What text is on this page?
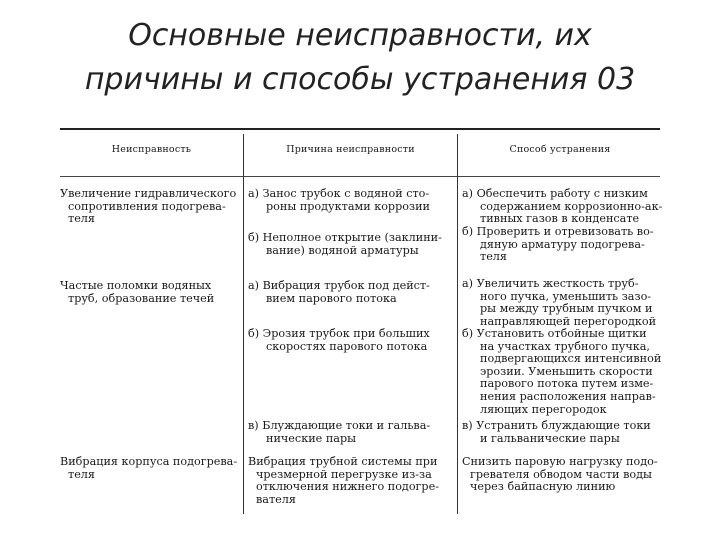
Основные неисправности, их
причины и способы устранения 03
Неисправность	Причина неисправности	Способ устранения
Увеличение гидравлического
сопротивления подогрева-
теля
а) Занос трубок с водяной сто-
роны продуктами коррозии
б) Неполное открытие (заклини-
вание) водяной арматуры
а) Обеспечить работу с низким
содержанием коррозионно-ак-
тивных газов в конденсате
б) Проверить и отревизовать во-
дяную арматуру подогрева-
теля
Частые поломки водяных
труб, образование течей
а) Вибрация трубок под дейст-
вием парового потока
б) Эрозия трубок при больших
скоростях парового потока
в) Блуждающие токи и гальва-
нические пары
а) Увеличить жесткость труб-
ного пучка, уменьшить зазо-
ры между трубным пучком и
направляющей перегородкой
б) Установить отбойные щитки
на участках трубного пучка,
подвергающихся интенсивной
эрозии. Уменьшить скорости
парового потока путем изме-
нения расположения направ-
ляющих перегородок
в) Устранить блуждающие токи
и гальванические пары
Вибрация корпуса подогрева-
теля
Вибрация трубной системы при
чрезмерной перегрузке из-за
отключения нижнего подогре-
вателя
Снизить паровую нагрузку подо-
гревателя обводом части воды
через байпасную линию
